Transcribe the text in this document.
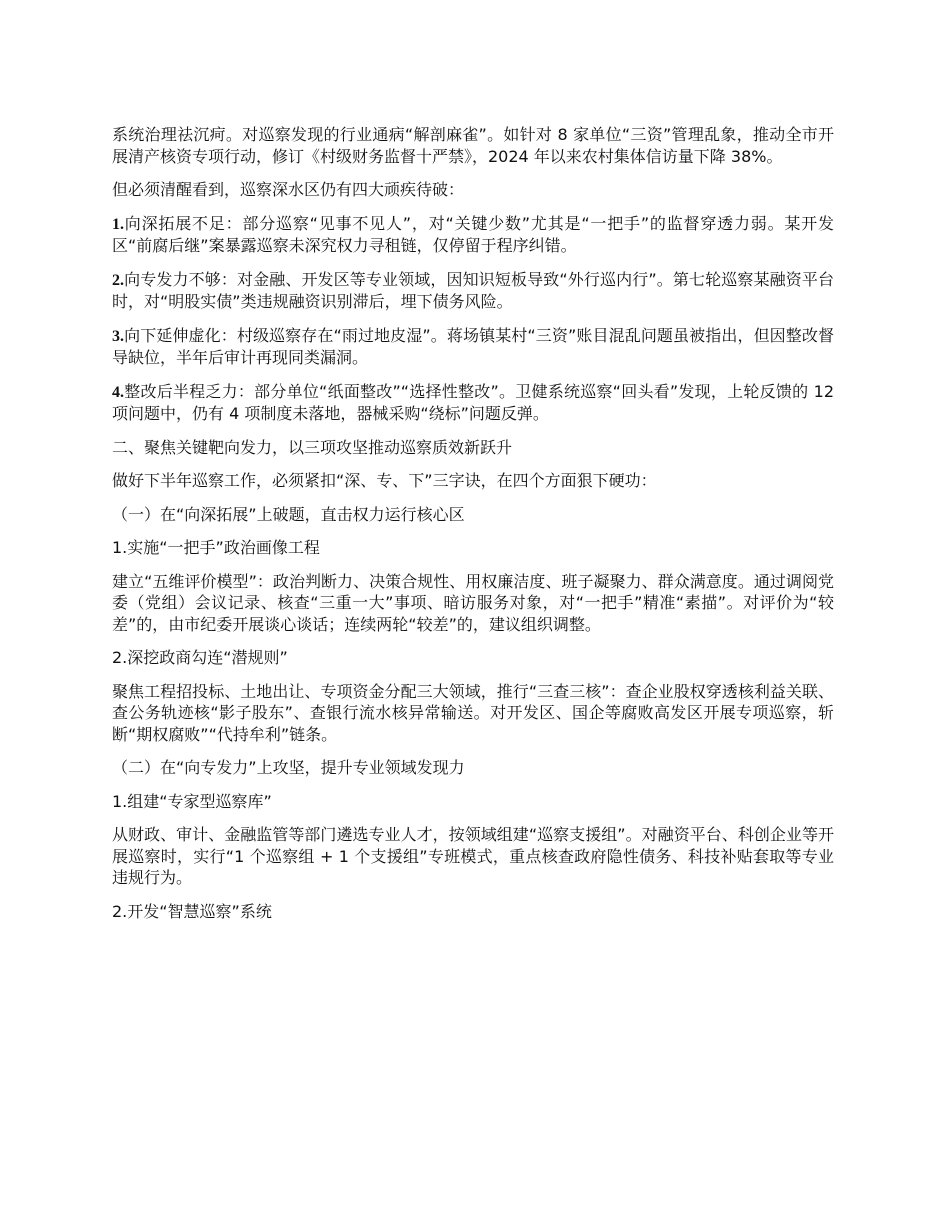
系统治理祛沉疴。对巡察发现的行业通病“解剖麻雀”。如针对 8 家单位“三资”管理乱象，推动全市开展清产核资专项行动，修订《村级财务监督十严禁》，2024 年以来农村集体信访量下降 38%。

但必须清醒看到，巡察深水区仍有四大顽疾待破：

1.向深拓展不足：部分巡察“见事不见人”，对“关键少数”尤其是“一把手”的监督穿透力弱。某开发区“前腐后继”案暴露巡察未深究权力寻租链，仅停留于程序纠错。

2.向专发力不够：对金融、开发区等专业领域，因知识短板导致“外行巡内行”。第七轮巡察某融资平台时，对“明股实债”类违规融资识别滞后，埋下债务风险。

3.向下延伸虚化：村级巡察存在“雨过地皮湿”。蒋场镇某村“三资”账目混乱问题虽被指出，但因整改督导缺位，半年后审计再现同类漏洞。

4.整改后半程乏力：部分单位“纸面整改”“选择性整改”。卫健系统巡察“回头看”发现，上轮反馈的 12 项问题中，仍有 4 项制度未落地，器械采购“绕标”问题反弹。

二、聚焦关键靶向发力，以三项攻坚推动巡察质效新跃升

做好下半年巡察工作，必须紧扣“深、专、下”三字诀，在四个方面狠下硬功：

（一）在“向深拓展”上破题，直击权力运行核心区

1.实施“一把手”政治画像工程

建立“五维评价模型”：政治判断力、决策合规性、用权廉洁度、班子凝聚力、群众满意度。通过调阅党委（党组）会议记录、核查“三重一大”事项、暗访服务对象，对“一把手”精准“素描”。对评价为“较差”的，由市纪委开展谈心谈话；连续两轮“较差”的，建议组织调整。

2.深挖政商勾连“潜规则”

聚焦工程招投标、土地出让、专项资金分配三大领域，推行“三查三核”：查企业股权穿透核利益关联、查公务轨迹核“影子股东”、查银行流水核异常输送。对开发区、国企等腐败高发区开展专项巡察，斩断“期权腐败”“代持牟利”链条。

（二）在“向专发力”上攻坚，提升专业领域发现力

1.组建“专家型巡察库”

从财政、审计、金融监管等部门遴选专业人才，按领域组建“巡察支援组”。对融资平台、科创企业等开展巡察时，实行“1 个巡察组 + 1 个支援组”专班模式，重点核查政府隐性债务、科技补贴套取等专业违规行为。

2.开发“智慧巡察”系统
